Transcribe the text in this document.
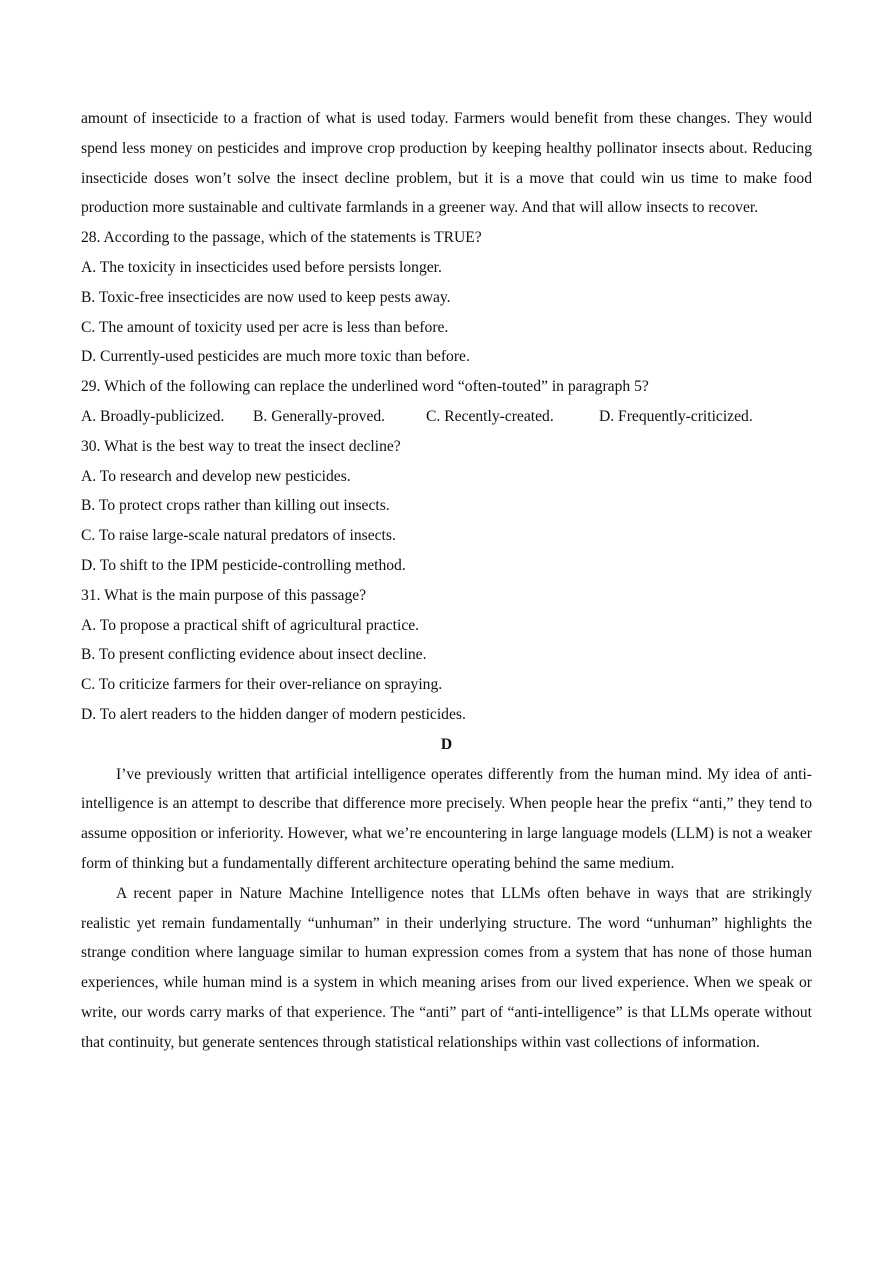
amount of insecticide to a fraction of what is used today. Farmers would benefit from these changes. They would spend less money on pesticides and improve crop production by keeping healthy pollinator insects about. Reducing insecticide doses won’t solve the insect decline problem, but it is a move that could win us time to make food production more sustainable and cultivate farmlands in a greener way. And that will allow insects to recover.

28. According to the passage, which of the statements is TRUE?

A. The toxicity in insecticides used before persists longer.

B. Toxic-free insecticides are now used to keep pests away.

C. The amount of toxicity used per acre is less than before.

D. Currently-used pesticides are much more toxic than before.

29. Which of the following can replace the underlined word “often-touted” in paragraph 5?

A. Broadly-publicized.	B. Generally-proved.	C. Recently-created.	D. Frequently-criticized.

30. What is the best way to treat the insect decline?

A. To research and develop new pesticides.

B. To protect crops rather than killing out insects.

C. To raise large-scale natural predators of insects.

D. To shift to the IPM pesticide-controlling method.

31. What is the main purpose of this passage?

A. To propose a practical shift of agricultural practice.

B. To present conflicting evidence about insect decline.

C. To criticize farmers for their over-reliance on spraying.

D. To alert readers to the hidden danger of modern pesticides.

D

I’ve previously written that artificial intelligence operates differently from the human mind. My idea of anti-intelligence is an attempt to describe that difference more precisely. When people hear the prefix “anti,” they tend to assume opposition or inferiority. However, what we’re encountering in large language models (LLM) is not a weaker form of thinking but a fundamentally different architecture operating behind the same medium.

A recent paper in Nature Machine Intelligence notes that LLMs often behave in ways that are strikingly realistic yet remain fundamentally “unhuman” in their underlying structure. The word “unhuman” highlights the strange condition where language similar to human expression comes from a system that has none of those human experiences, while human mind is a system in which meaning arises from our lived experience. When we speak or write, our words carry marks of that experience. The “anti” part of “anti-intelligence” is that LLMs operate without that continuity, but generate sentences through statistical relationships within vast collections of information.
